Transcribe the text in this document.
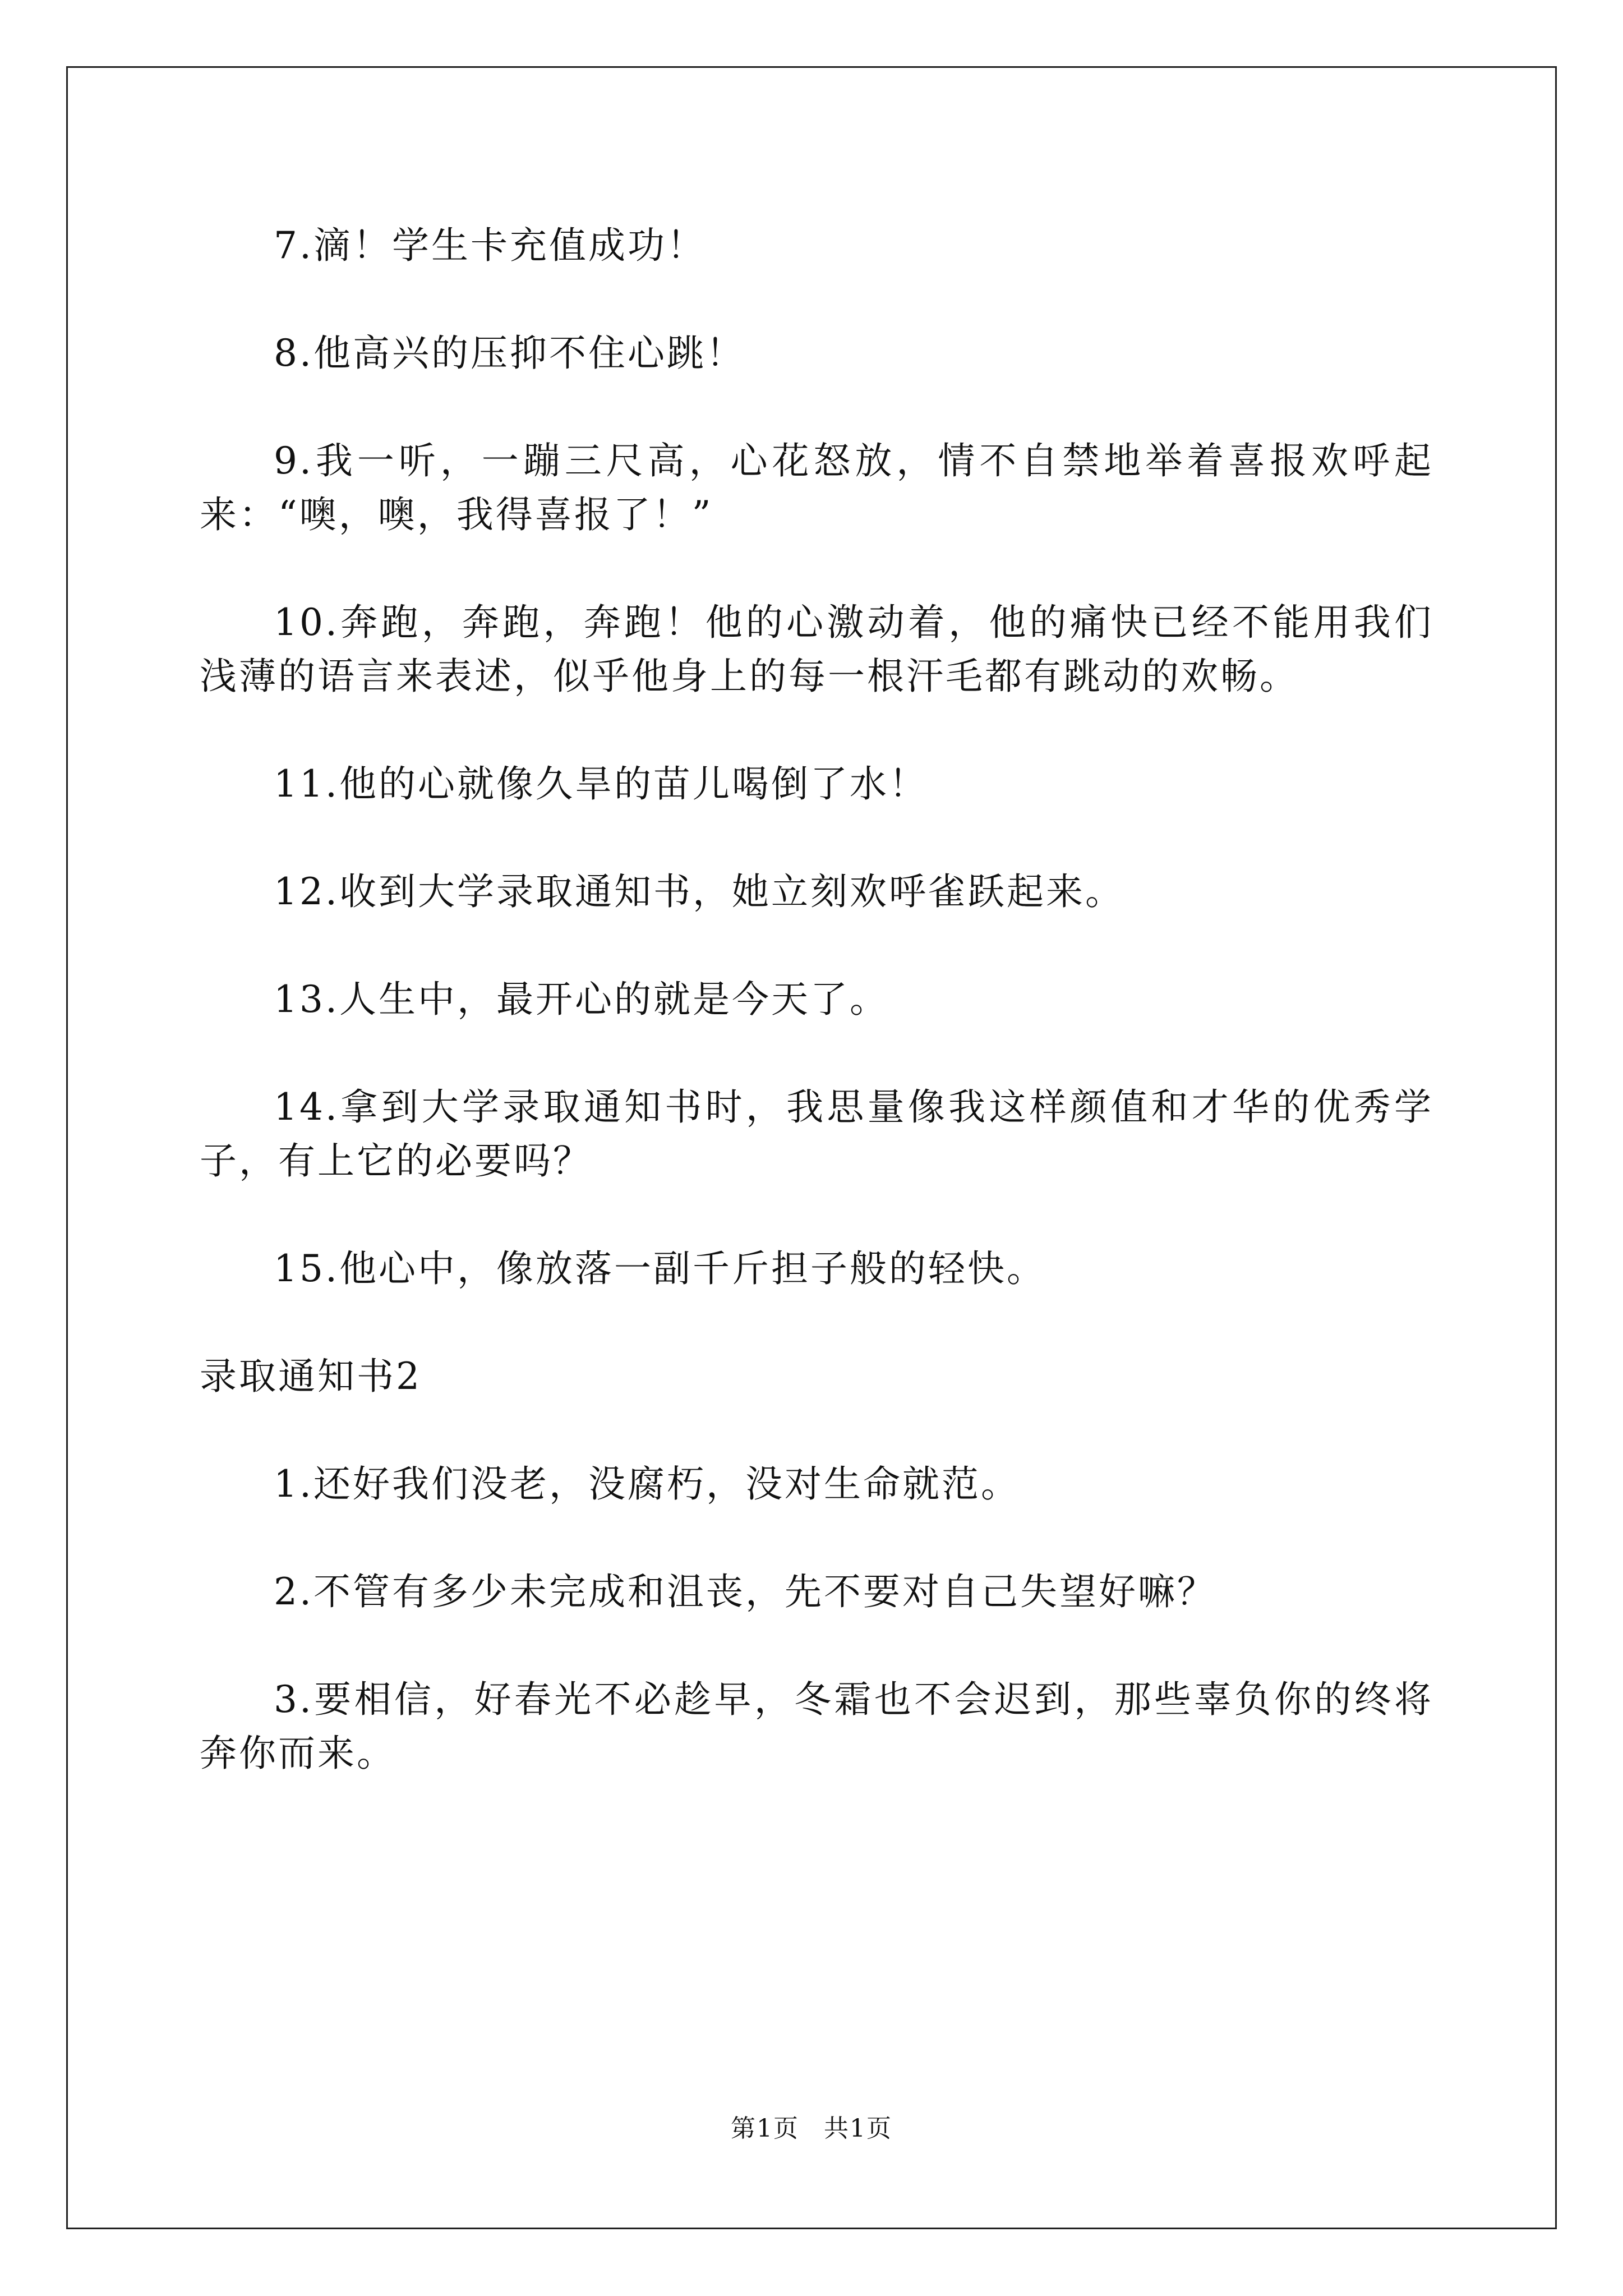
7.滴！学生卡充值成功！

8.他高兴的压抑不住心跳！

9.我一听，一蹦三尺高，心花怒放，情不自禁地举着喜报欢呼起来：“噢，噢，我得喜报了！”

10.奔跑，奔跑，奔跑！他的心激动着，他的痛快已经不能用我们浅薄的语言来表述，似乎他身上的每一根汗毛都有跳动的欢畅。

11.他的心就像久旱的苗儿喝倒了水！

12.收到大学录取通知书，她立刻欢呼雀跃起来。

13.人生中，最开心的就是今天了。

14.拿到大学录取通知书时，我思量像我这样颜值和才华的优秀学子，有上它的必要吗？

15.他心中，像放落一副千斤担子般的轻快。

录取通知书2

1.还好我们没老，没腐朽，没对生命就范。

2.不管有多少未完成和沮丧，先不要对自己失望好嘛？

3.要相信，好春光不必趁早，冬霜也不会迟到，那些辜负你的终将奔你而来。

第1页 共1页
